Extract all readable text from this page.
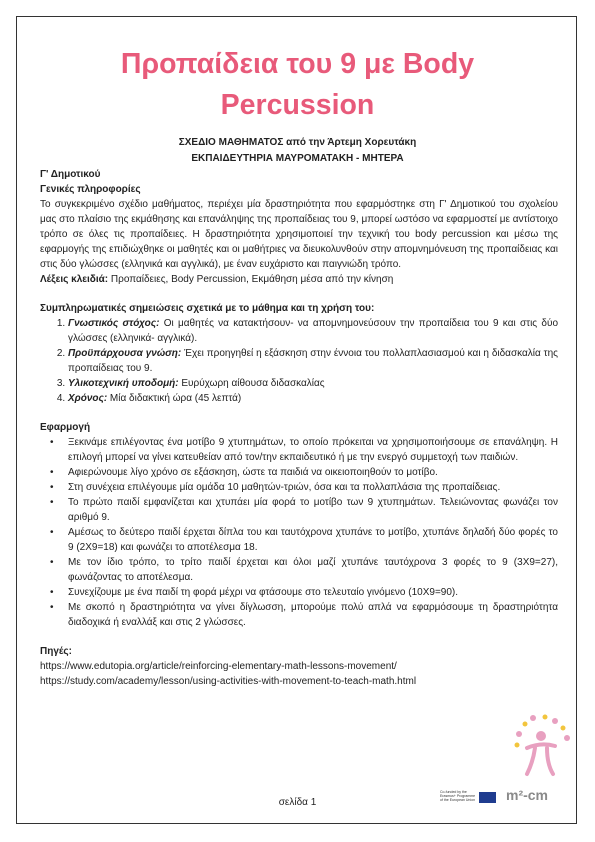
Προπαίδεια του 9 με Body
Percussion
ΣΧΕΔΙΟ ΜΑΘΗΜΑΤΟΣ από την Άρτεμη Χορευτάκη
ΕΚΠΑΙΔΕΥΤΗΡΙΑ ΜΑΥΡΟΜΑΤΑΚΗ - ΜΗΤΕΡΑ

Γ' Δημοτικού

Γενικές πληροφορίες

Το συγκεκριμένο σχέδιο μαθήματος, περιέχει μία δραστηριότητα που εφαρμόστηκε στη Γ' Δημοτικού του σχολείου μας στο πλαίσιο της εκμάθησης και επανάληψης της προπαίδειας του 9, μπορεί ωστόσο να εφαρμοστεί με αντίστοιχο τρόπο σε όλες τις προπαίδειες. Η δραστηριότητα χρησιμοποιεί την τεχνική του body percussion και μέσω της εφαρμογής της επιδιώχθηκε οι μαθητές και οι μαθήτριες να διευκολυνθούν στην απομνημόνευση της προπαίδειας και στις δύο γλώσσες (ελληνικά και αγγλικά), με έναν ευχάριστο και παιγνιώδη τρόπο.

Λέξεις κλειδιά: Προπαίδειες, Body Percussion, Εκμάθηση μέσα από την κίνηση

Συμπληρωματικές σημειώσεις σχετικά με το μάθημα και τη χρήση του:

1. Γνωστικός στόχος: Οι μαθητές να κατακτήσουν- να απομνημονεύσουν την προπαίδεια του 9 και στις δύο γλώσσες (ελληνικά- αγγλικά).
2. Προϋπάρχουσα γνώση: Έχει προηγηθεί η εξάσκηση στην έννοια του πολλαπλασιασμού και η διδασκαλία της προπαίδειας του 9.
3. Υλικοτεχνική υποδομή: Ευρύχωρη αίθουσα διδασκαλίας
4. Χρόνος: Μία διδακτική ώρα (45 λεπτά)

Εφαρμογή

• Ξεκινάμε επιλέγοντας ένα μοτίβο 9 χτυπημάτων, το οποίο πρόκειται να χρησιμοποιήσουμε σε επανάληψη. Η επιλογή μπορεί να γίνει κατευθείαν από τον/την εκπαιδευτικό ή με την ενεργό συμμετοχή των παιδιών.
• Αφιερώνουμε λίγο χρόνο σε εξάσκηση, ώστε τα παιδιά να οικειοποιηθούν το μοτίβο.
• Στη συνέχεια επιλέγουμε μία ομάδα 10 μαθητών-τριών, όσα και τα πολλαπλάσια της προπαίδειας.
• Το πρώτο παιδί εμφανίζεται και χτυπάει μία φορά το μοτίβο των 9 χτυπημάτων. Τελειώνοντας φωνάζει τον αριθμό 9.
• Αμέσως το δεύτερο παιδί έρχεται δίπλα του και ταυτόχρονα χτυπάνε το μοτίβο, χτυπάνε δηλαδή δύο φορές το 9 (2Χ9=18) και φωνάζει το αποτέλεσμα 18.
• Με τον ίδιο τρόπο, το τρίτο παιδί έρχεται και όλοι μαζί χτυπάνε ταυτόχρονα 3 φορές το 9 (3Χ9=27), φωνάζοντας το αποτέλεσμα.
• Συνεχίζουμε με ένα παιδί τη φορά μέχρι να φτάσουμε στο τελευταίο γινόμενο (10Χ9=90).
• Με σκοπό η δραστηριότητα να γίνει δίγλωσση, μπορούμε πολύ απλά να εφαρμόσουμε τη δραστηριότητα διαδοχικά ή εναλλάξ και στις 2 γλώσσες.

Πηγές:

https://www.edutopia.org/article/reinforcing-elementary-math-lessons-movement/

https://study.com/academy/lesson/using-activities-with-movement-to-teach-math.html

Co-funded by the Erasmus+ Programme of the European Union m²-cm
σελίδα 1
